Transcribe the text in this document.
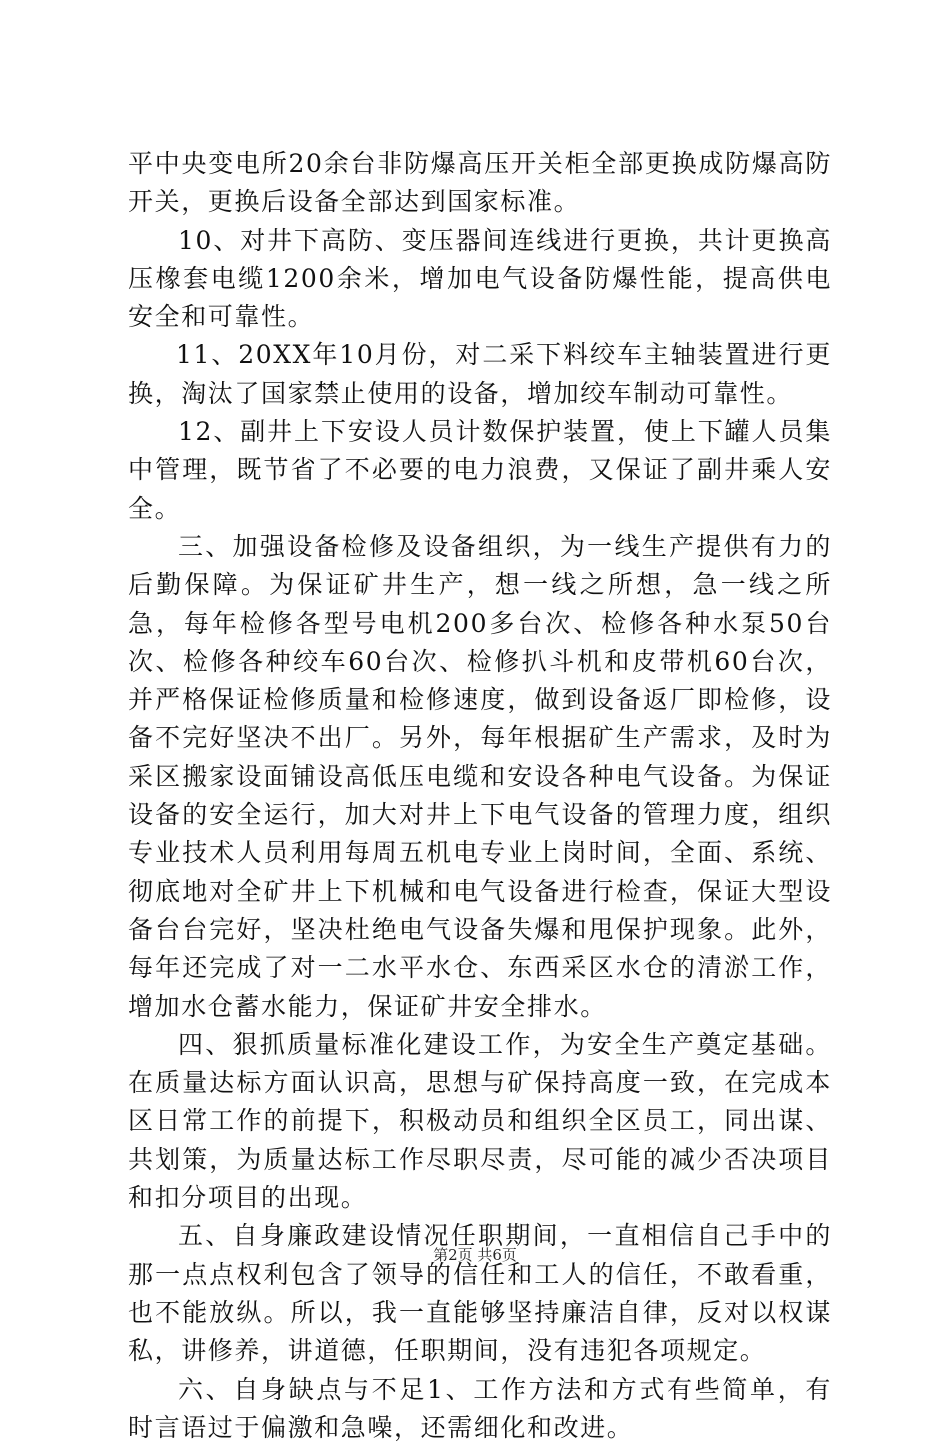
平中央变电所20余台非防爆高压开关柜全部更换成防爆高防开关，更换后设备全部达到国家标准。

10、对井下高防、变压器间连线进行更换，共计更换高压橡套电缆1200余米，增加电气设备防爆性能，提高供电安全和可靠性。

11、20XX年10月份，对二采下料绞车主轴装置进行更换，淘汰了国家禁止使用的设备，增加绞车制动可靠性。

12、副井上下安设人员计数保护装置，使上下罐人员集中管理，既节省了不必要的电力浪费，又保证了副井乘人安全。

三、加强设备检修及设备组织，为一线生产提供有力的后勤保障。为保证矿井生产，想一线之所想，急一线之所急，每年检修各型号电机200多台次、检修各种水泵50台次、检修各种绞车60台次、检修扒斗机和皮带机60台次，并严格保证检修质量和检修速度，做到设备返厂即检修，设备不完好坚决不出厂。另外，每年根据矿生产需求，及时为采区搬家设面铺设高低压电缆和安设各种电气设备。为保证设备的安全运行，加大对井上下电气设备的管理力度，组织专业技术人员利用每周五机电专业上岗时间，全面、系统、彻底地对全矿井上下机械和电气设备进行检查，保证大型设备台台完好，坚决杜绝电气设备失爆和甩保护现象。此外，每年还完成了对一二水平水仓、东西采区水仓的清淤工作，增加水仓蓄水能力，保证矿井安全排水。

四、狠抓质量标准化建设工作，为安全生产奠定基础。在质量达标方面认识高，思想与矿保持高度一致，在完成本区日常工作的前提下，积极动员和组织全区员工，同出谋、共划策，为质量达标工作尽职尽责，尽可能的减少否决项目和扣分项目的出现。

五、自身廉政建设情况任职期间，一直相信自己手中的那一点点权利包含了领导的信任和工人的信任，不敢看重，也不能放纵。所以，我一直能够坚持廉洁自律，反对以权谋私，讲修养，讲道德，任职期间，没有违犯各项规定。

六、自身缺点与不足1、工作方法和方式有些简单，有时言语过于偏激和急噪，还需细化和改进。

第2页 共6页
